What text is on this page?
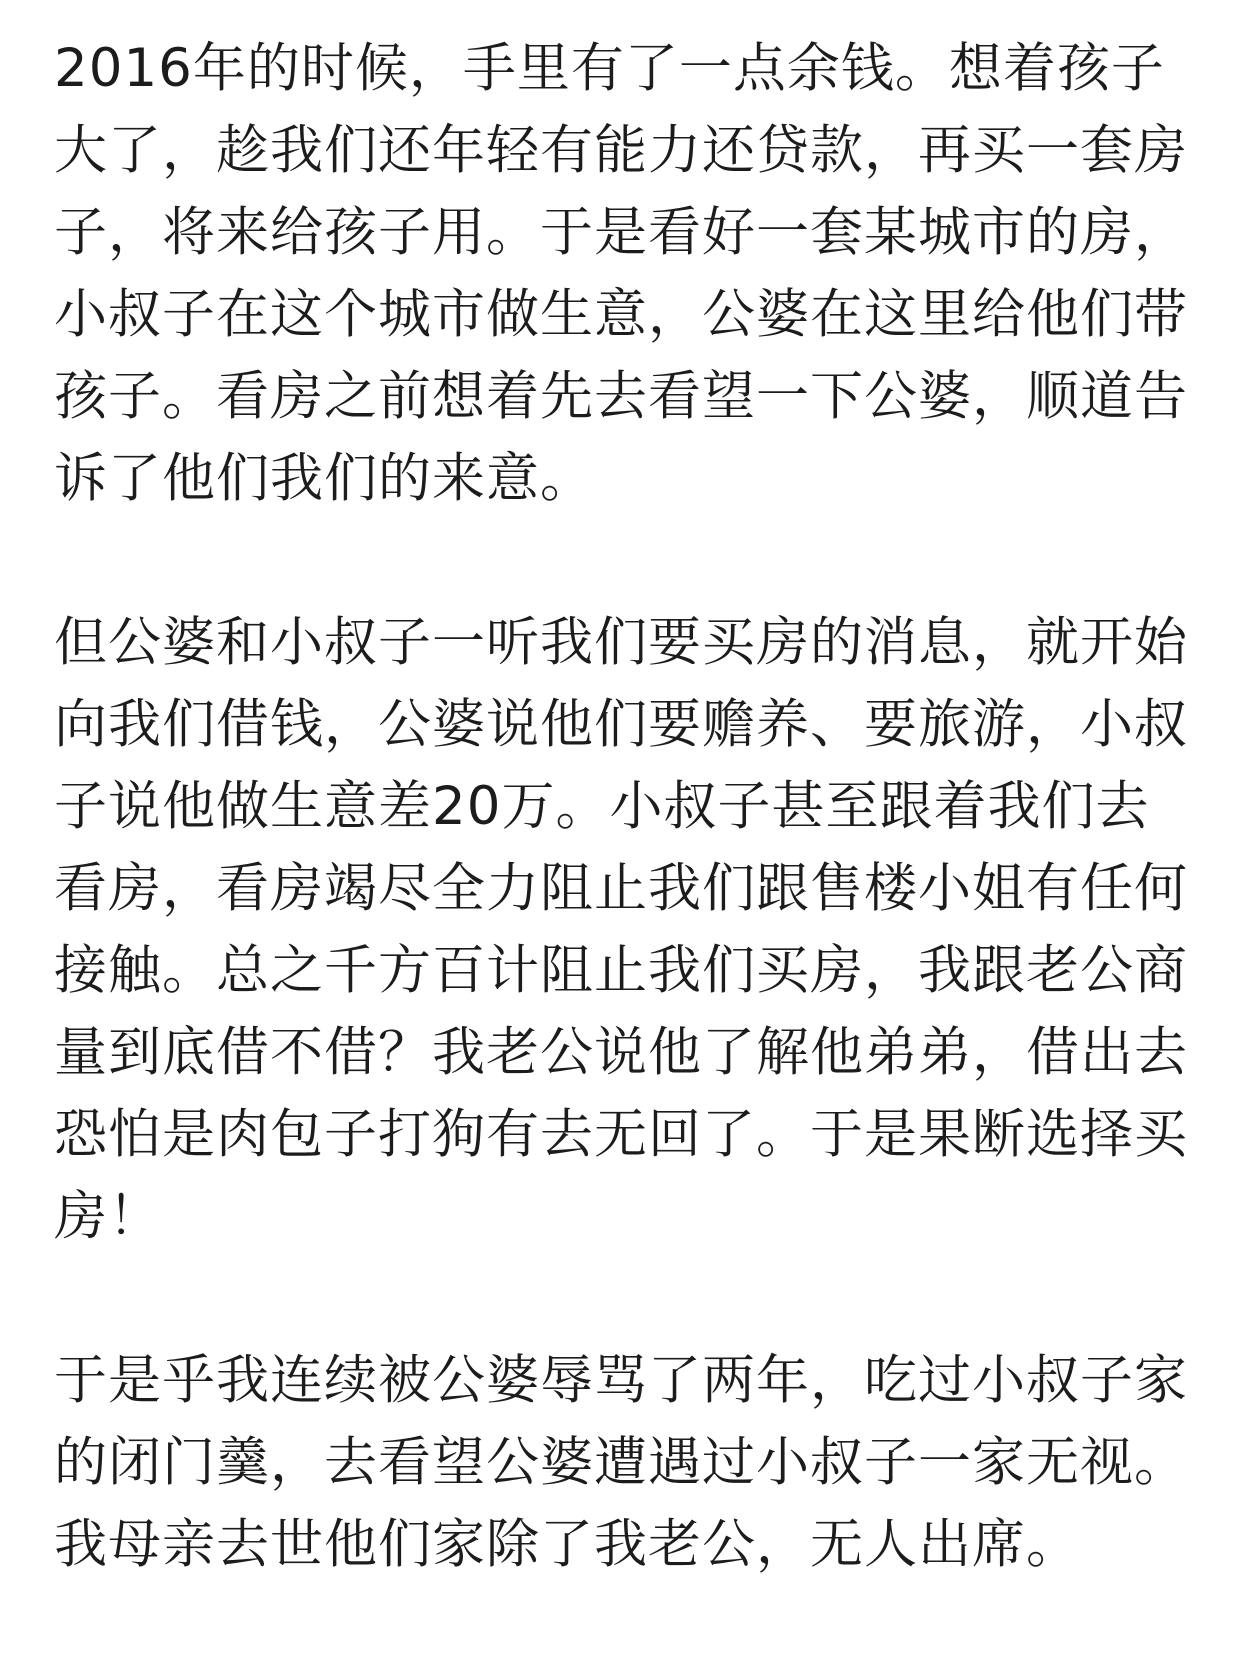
2016年的时候，手里有了一点余钱。想着孩子
大了，趁我们还年轻有能力还贷款，再买一套房
子，将来给孩子用。于是看好一套某城市的房，
小叔子在这个城市做生意，公婆在这里给他们带
孩子。看房之前想着先去看望一下公婆，顺道告
诉了他们我们的来意。

但公婆和小叔子一听我们要买房的消息，就开始
向我们借钱，公婆说他们要赡养、要旅游，小叔
子说他做生意差20万。小叔子甚至跟着我们去
看房，看房竭尽全力阻止我们跟售楼小姐有任何
接触。总之千方百计阻止我们买房，我跟老公商
量到底借不借？我老公说他了解他弟弟，借出去
恐怕是肉包子打狗有去无回了。于是果断选择买
房！

于是乎我连续被公婆辱骂了两年，吃过小叔子家
的闭门羹，去看望公婆遭遇过小叔子一家无视。
我母亲去世他们家除了我老公，无人出席。
